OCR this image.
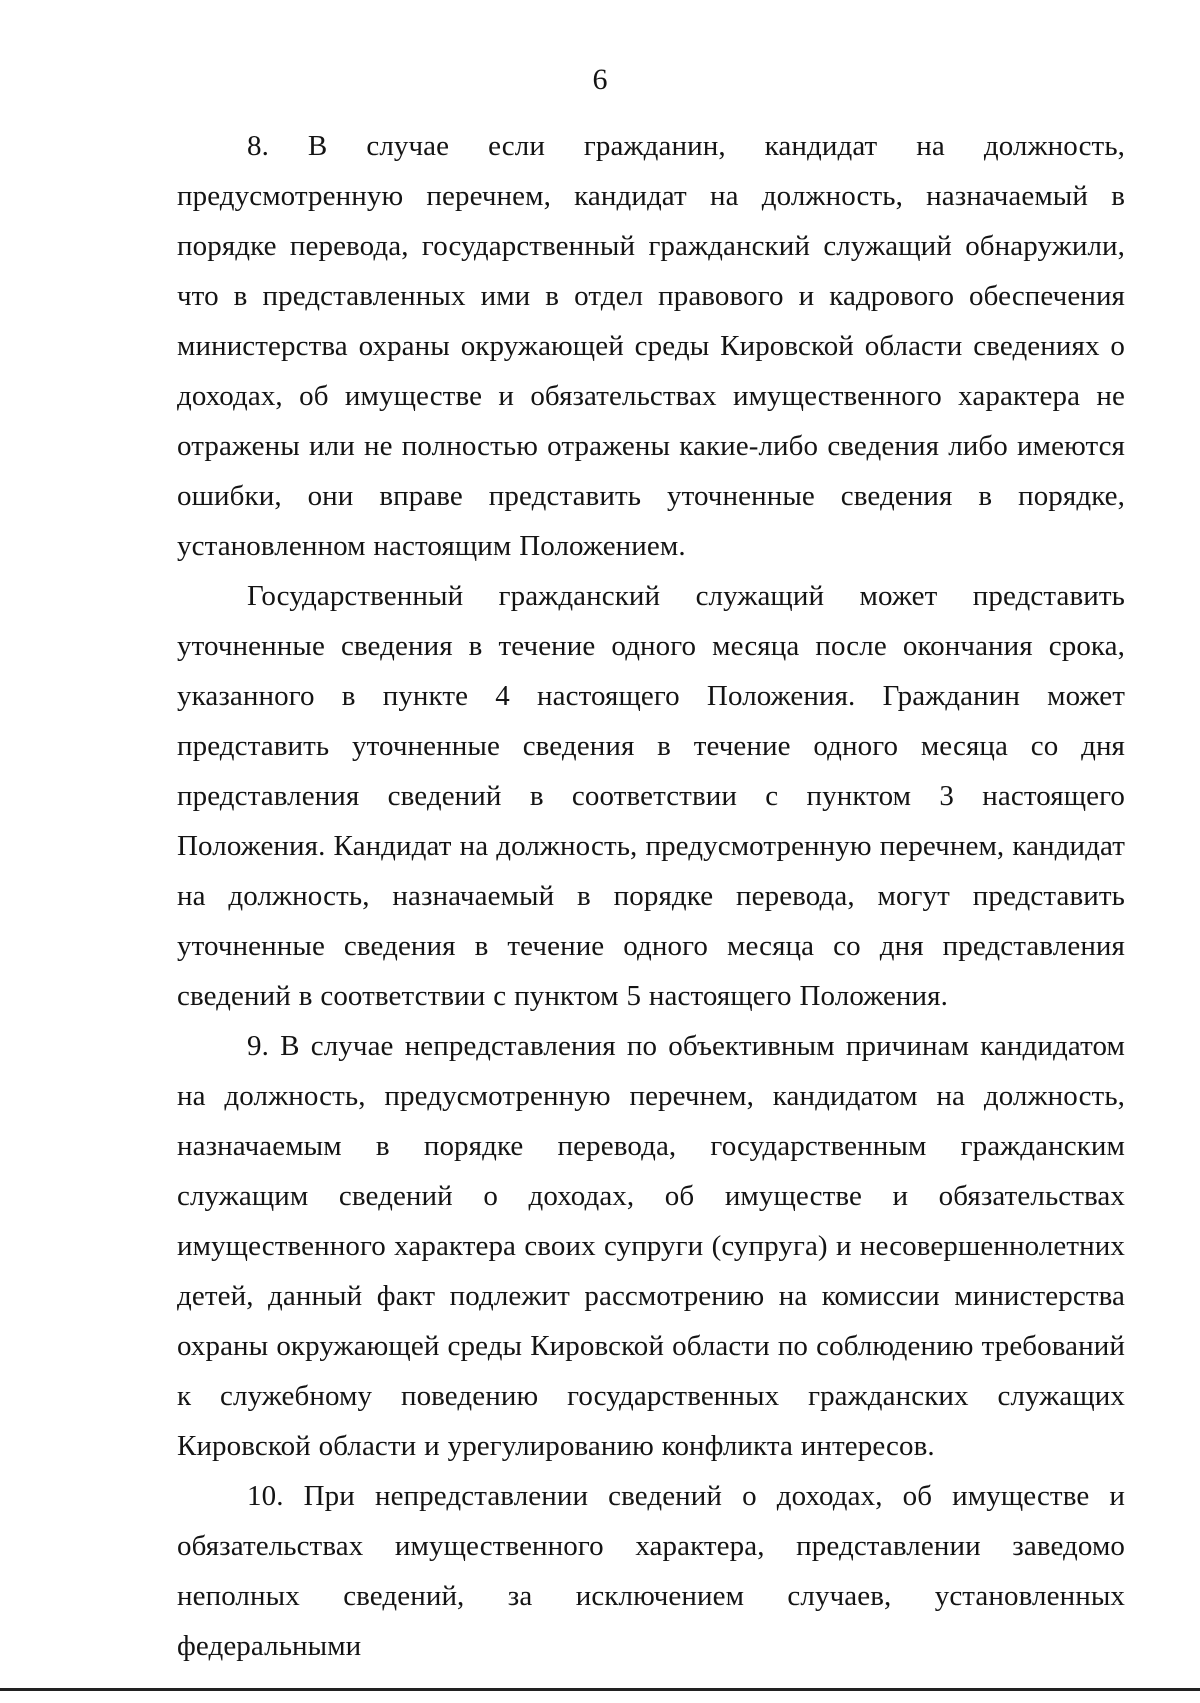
6

8. В случае если гражданин, кандидат на должность, предусмотренную перечнем, кандидат на должность, назначаемый в порядке перевода, государственный гражданский служащий обнаружили, что в представленных ими в отдел правового и кадрового обеспечения министерства охраны окружающей среды Кировской области сведениях о доходах, об имуществе и обязательствах имущественного характера не отражены или не полностью отражены какие-либо сведения либо имеются ошибки, они вправе представить уточненные сведения в порядке, установленном настоящим Положением.

Государственный гражданский служащий может представить уточненные сведения в течение одного месяца после окончания срока, указанного в пункте 4 настоящего Положения. Гражданин может представить уточненные сведения в течение одного месяца со дня представления сведений в соответствии с пунктом 3 настоящего Положения. Кандидат на должность, предусмотренную перечнем, кандидат на должность, назначаемый в порядке перевода, могут представить уточненные сведения в течение одного месяца со дня представления сведений в соответствии с пунктом 5 настоящего Положения.

9. В случае непредставления по объективным причинам кандидатом на должность, предусмотренную перечнем, кандидатом на должность, назначаемым в порядке перевода, государственным гражданским служащим сведений о доходах, об имуществе и обязательствах имущественного характера своих супруги (супруга) и несовершеннолетних детей, данный факт подлежит рассмотрению на комиссии министерства охраны окружающей среды Кировской области по соблюдению требований к служебному поведению государственных гражданских служащих Кировской области и урегулированию конфликта интересов.

10. При непредставлении сведений о доходах, об имуществе и обязательствах имущественного характера, представлении заведомо неполных сведений, за исключением случаев, установленных федеральными
